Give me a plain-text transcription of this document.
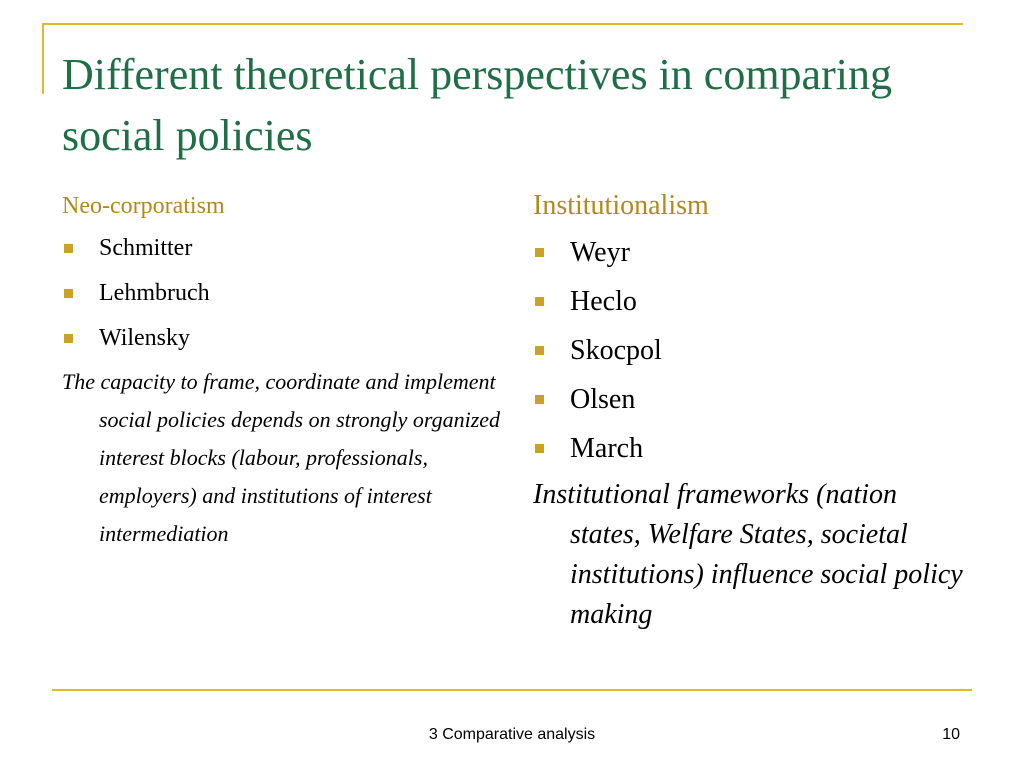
Different theoretical perspectives in comparing social policies

Neo-corporatism

Schmitter
Lehmbruch
Wilensky

The capacity to frame, coordinate and implement social policies depends on strongly organized interest blocks (labour, professionals, employers) and institutions of interest intermediation

Institutionalism

Weyr
Heclo
Skocpol
Olsen
March

Institutional frameworks (nation states, Welfare States, societal institutions) influence social policy making

3 Comparative analysis	10
